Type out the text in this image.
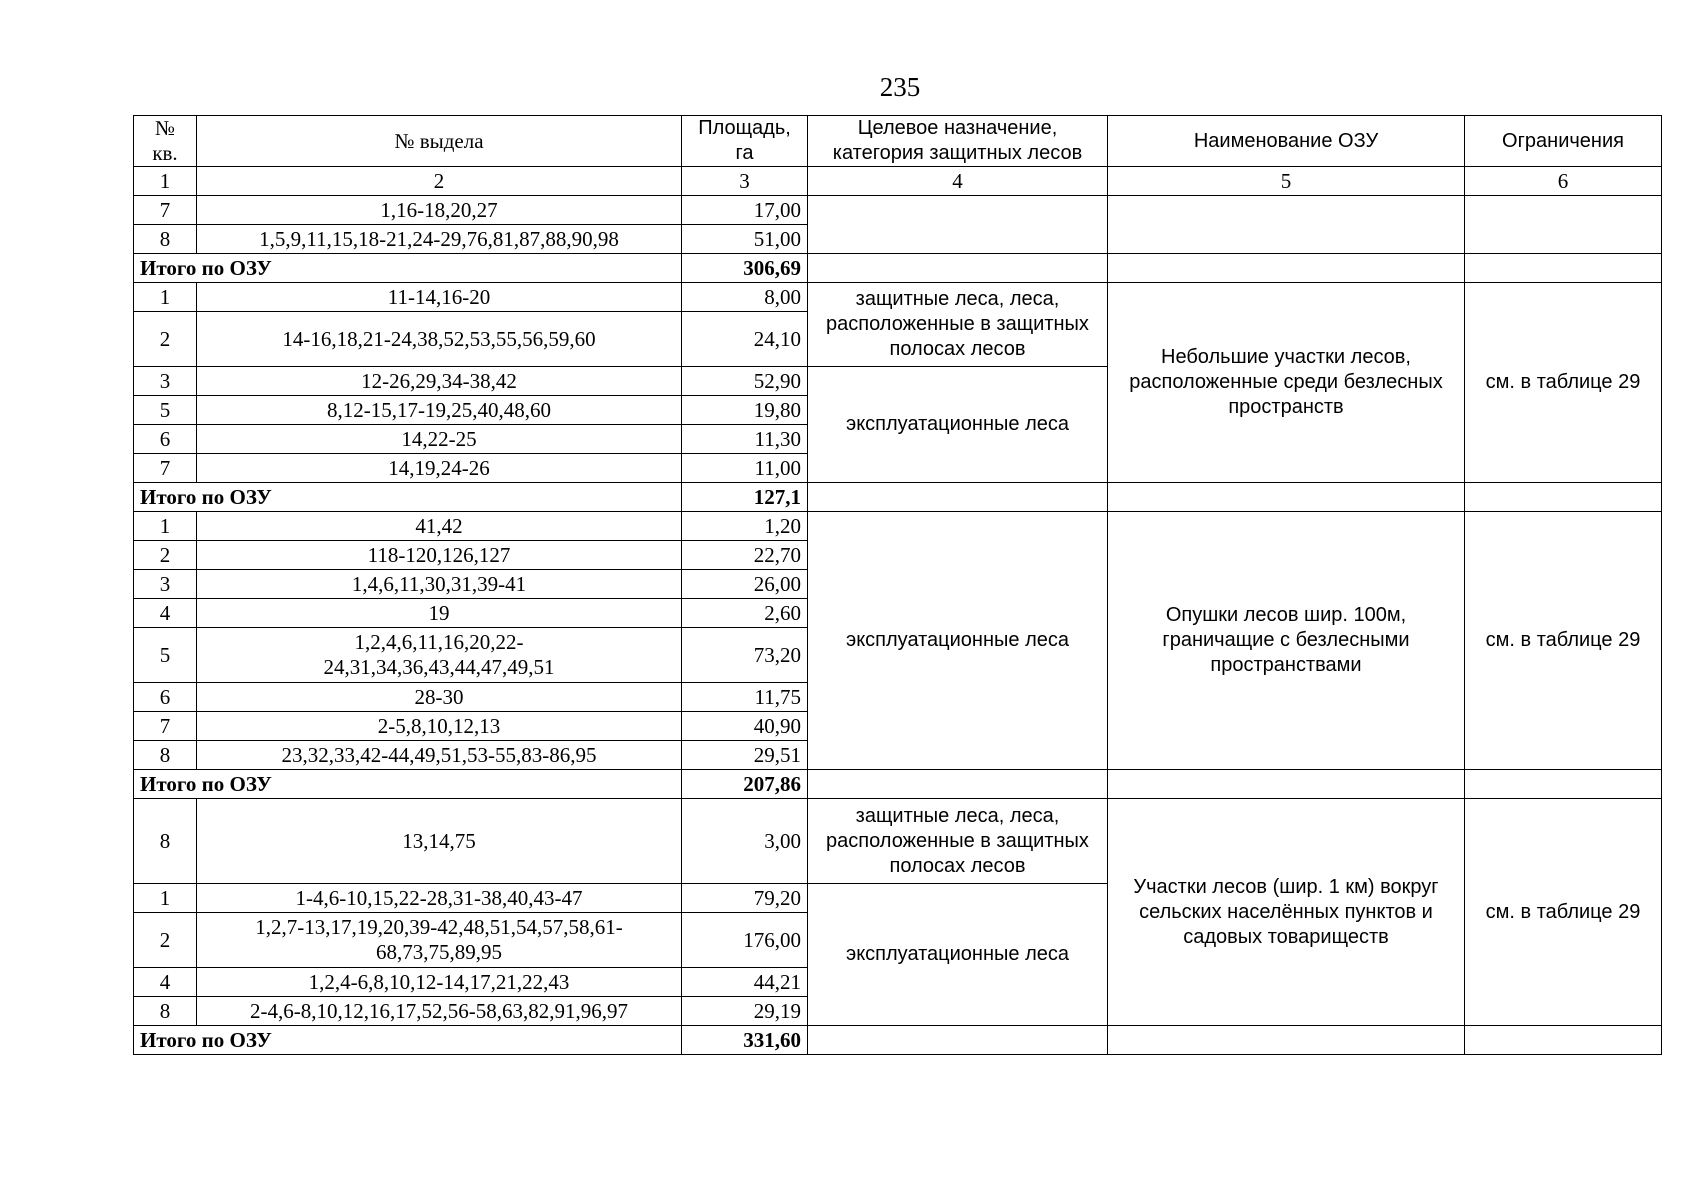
235
№ кв.	№ выдела	Площадь, га	Целевое назначение, категория защитных лесов	Наименование ОЗУ	Ограничения
1	2	3	4	5	6
7	1,16-18,20,27	17,00			
8	1,5,9,11,15,18-21,24-29,76,81,87,88,90,98	51,00			
Итого по ОЗУ		306,69			
1	11-14,16-20	8,00	защитные леса, леса, расположенные в защитных полосах лесов	Небольшие участки лесов, расположенные среди безлесных пространств	см. в таблице 29
2	14-16,18,21-24,38,52,53,55,56,59,60	24,10			
3	12-26,29,34-38,42	52,90	эксплуатационные леса		
5	8,12-15,17-19,25,40,48,60	19,80			
6	14,22-25	11,30			
7	14,19,24-26	11,00			
Итого по ОЗУ		127,1			
1	41,42	1,20	эксплуатационные леса	Опушки лесов шир. 100м, граничащие с безлесными пространствами	см. в таблице 29
2	118-120,126,127	22,70			
3	1,4,6,11,30,31,39-41	26,00			
4	19	2,60			
5	1,2,4,6,11,16,20,22-24,31,34,36,43,44,47,49,51	73,20			
6	28-30	11,75			
7	2-5,8,10,12,13	40,90			
8	23,32,33,42-44,49,51,53-55,83-86,95	29,51			
Итого по ОЗУ		207,86			
8	13,14,75	3,00	защитные леса, леса, расположенные в защитных полосах лесов	Участки лесов (шир. 1 км) вокруг сельских населённых пунктов и садовых товариществ	см. в таблице 29
1	1-4,6-10,15,22-28,31-38,40,43-47	79,20	эксплуатационные леса		
2	1,2,7-13,17,19,20,39-42,48,51,54,57,58,61-68,73,75,89,95	176,00			
4	1,2,4-6,8,10,12-14,17,21,22,43	44,21			
8	2-4,6-8,10,12,16,17,52,56-58,63,82,91,96,97	29,19			
Итого по ОЗУ		331,60			
